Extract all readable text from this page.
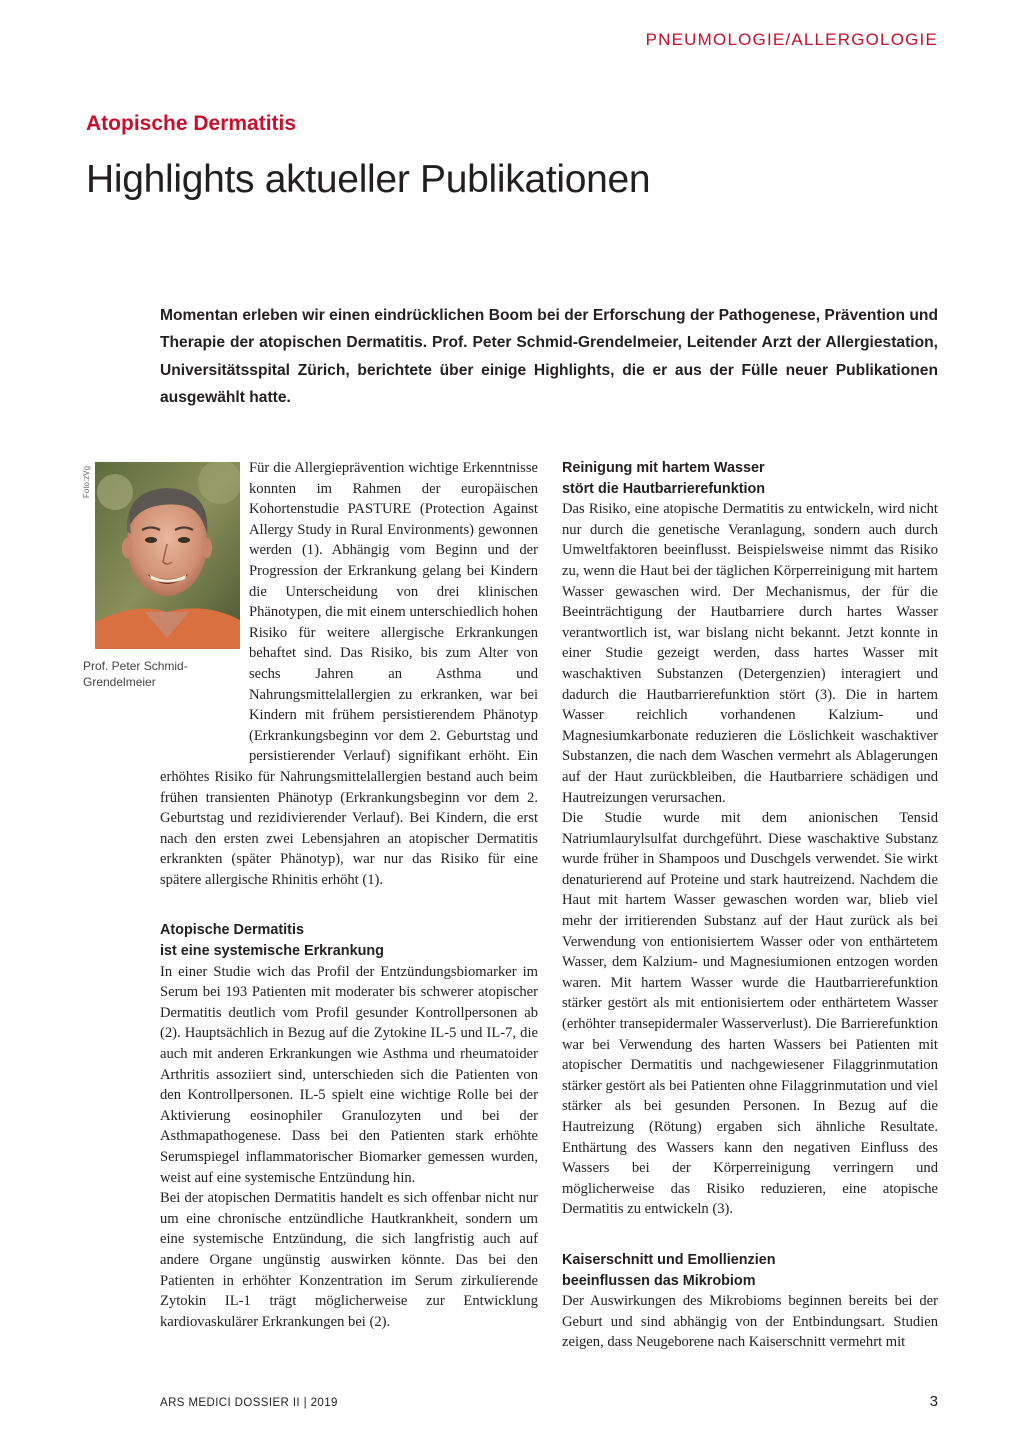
PNEUMOLOGIE/ALLERGOLOGIE
Atopische Dermatitis
Highlights aktueller Publikationen

Momentan erleben wir einen eindrücklichen Boom bei der Erforschung der Pathogenese, Prävention und Therapie der atopischen Dermatitis. Prof. Peter Schmid-Grendelmeier, Leitender Arzt der Allergiestation, Universitätsspital Zürich, berichtete über einige Highlights, die er aus der Fülle neuer Publikationen ausgewählt hatte.

Foto:zVg
Prof. Peter Schmid-Grendelmeier

Für die Allergieprävention wichtige Erkenntnisse konnten im Rahmen der europäischen Kohortenstudie PASTURE (Protection Against Allergy Study in Rural Environments) gewonnen werden (1). Abhängig vom Beginn und der Progression der Erkrankung gelang bei Kindern die Unterscheidung von drei klinischen Phänotypen, die mit einem unterschiedlich hohen Risiko für weitere allergische Erkrankungen behaftet sind. Das Risiko, bis zum Alter von sechs Jahren an Asthma und Nahrungsmittelallergien zu erkranken, war bei Kindern mit frühem persistierendem Phänotyp (Erkrankungsbeginn vor dem 2. Geburtstag und persistierender Verlauf) signifikant erhöht. Ein erhöhtes Risiko für Nahrungsmittelallergien bestand auch beim frühen transienten Phänotyp (Erkrankungsbeginn vor dem 2. Geburtstag und rezidivierender Verlauf). Bei Kindern, die erst nach den ersten zwei Lebensjahren an atopischer Dermatitis erkrankten (später Phänotyp), war nur das Risiko für eine spätere allergische Rhinitis erhöht (1).

Atopische Dermatitis
ist eine systemische Erkrankung

In einer Studie wich das Profil der Entzündungsbiomarker im Serum bei 193 Patienten mit moderater bis schwerer atopischer Dermatitis deutlich vom Profil gesunder Kontrollpersonen ab (2). Hauptsächlich in Bezug auf die Zytokine IL-5 und IL-7, die auch mit anderen Erkrankungen wie Asthma und rheumatoider Arthritis assoziiert sind, unterschieden sich die Patienten von den Kontrollpersonen. IL-5 spielt eine wichtige Rolle bei der Aktivierung eosinophiler Granulozyten und bei der Asthmapathogenese. Dass bei den Patienten stark erhöhte Serumspiegel inflammatorischer Biomarker gemessen wurden, weist auf eine systemische Entzündung hin.

Bei der atopischen Dermatitis handelt es sich offenbar nicht nur um eine chronische entzündliche Hautkrankheit, sondern um eine systemische Entzündung, die sich langfristig auch auf andere Organe ungünstig auswirken könnte. Das bei den Patienten in erhöhter Konzentration im Serum zirkulierende Zytokin IL-1 trägt möglicherweise zur Entwicklung kardiovaskulärer Erkrankungen bei (2).

Reinigung mit hartem Wasser
stört die Hautbarrierefunktion

Das Risiko, eine atopische Dermatitis zu entwickeln, wird nicht nur durch die genetische Veranlagung, sondern auch durch Umweltfaktoren beeinflusst. Beispielsweise nimmt das Risiko zu, wenn die Haut bei der täglichen Körperreinigung mit hartem Wasser gewaschen wird. Der Mechanismus, der für die Beeinträchtigung der Hautbarriere durch hartes Wasser verantwortlich ist, war bislang nicht bekannt. Jetzt konnte in einer Studie gezeigt werden, dass hartes Wasser mit waschaktiven Substanzen (Detergenzien) interagiert und dadurch die Hautbarrierefunktion stört (3). Die in hartem Wasser reichlich vorhandenen Kalzium- und Magnesiumkarbonate reduzieren die Löslichkeit waschaktiver Substanzen, die nach dem Waschen vermehrt als Ablagerungen auf der Haut zurückbleiben, die Hautbarriere schädigen und Hautreizungen verursachen.

Die Studie wurde mit dem anionischen Tensid Natriumlaurylsulfat durchgeführt. Diese waschaktive Substanz wurde früher in Shampoos und Duschgels verwendet. Sie wirkt denaturierend auf Proteine und stark hautreizend. Nachdem die Haut mit hartem Wasser gewaschen worden war, blieb viel mehr der irritierenden Substanz auf der Haut zurück als bei Verwendung von entionisiertem Wasser oder von enthärtetem Wasser, dem Kalzium- und Magnesiumionen entzogen worden waren. Mit hartem Wasser wurde die Hautbarrierefunktion stärker gestört als mit entionisiertem oder enthärtetem Wasser (erhöhter transepidermaler Wasserverlust). Die Barrierefunktion war bei Verwendung des harten Wassers bei Patienten mit atopischer Dermatitis und nachgewiesener Filaggrinmutation stärker gestört als bei Patienten ohne Filaggrinmutation und viel stärker als bei gesunden Personen. In Bezug auf die Hautreizung (Rötung) ergaben sich ähnliche Resultate. Enthärtung des Wassers kann den negativen Einfluss des Wassers bei der Körperreinigung verringern und möglicherweise das Risiko reduzieren, eine atopische Dermatitis zu entwickeln (3).

Kaiserschnitt und Emollienzien
beeinflussen das Mikrobiom

Der Auswirkungen des Mikrobioms beginnen bereits bei der Geburt und sind abhängig von der Entbindungsart. Studien zeigen, dass Neugeborene nach Kaiserschnitt vermehrt mit

ARS MEDICI DOSSIER II | 2019	3
